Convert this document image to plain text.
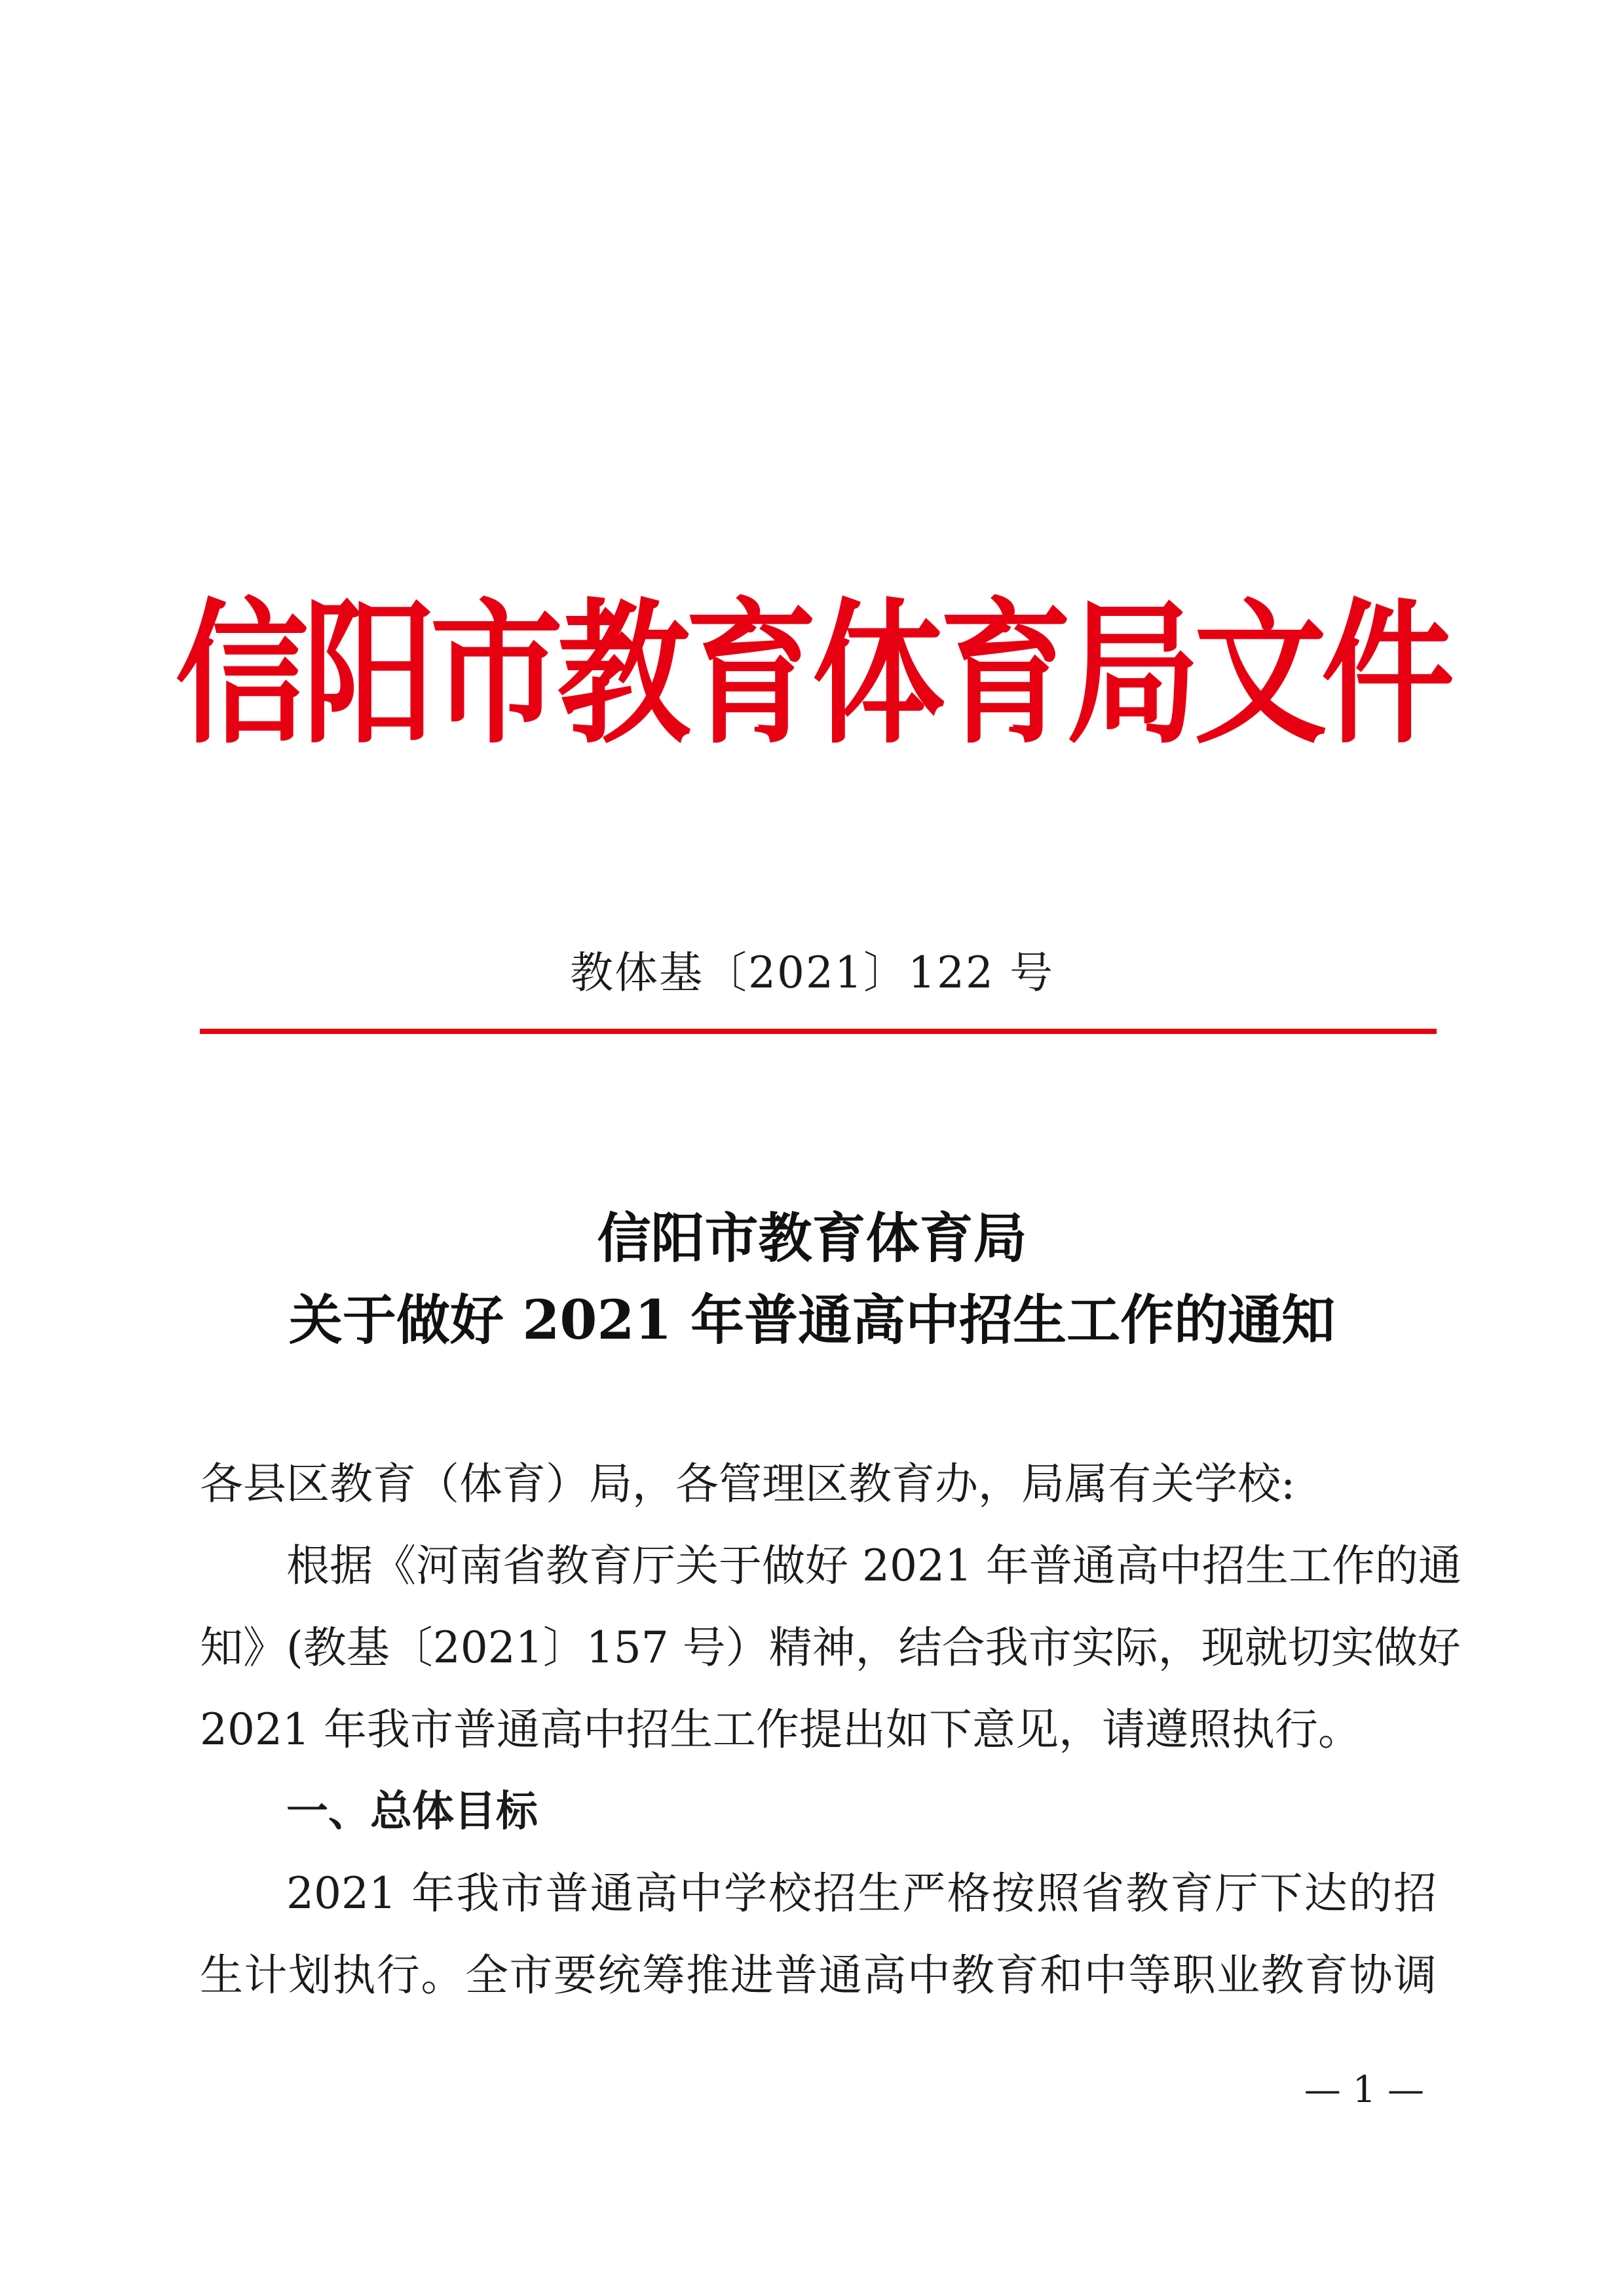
信阳市教育体育局文件
教体基〔2021〕122 号
信阳市教育体育局
关于做好 2021 年普通高中招生工作的通知
各县区教育（体育）局，各管理区教育办，局属有关学校:
根据《河南省教育厅关于做好 2021 年普通高中招生工作的通
知》(教基〔2021〕157 号）精神，结合我市实际，现就切实做好
2021 年我市普通高中招生工作提出如下意见，请遵照执行。
一、总体目标
2021 年我市普通高中学校招生严格按照省教育厅下达的招
生计划执行。全市要统筹推进普通高中教育和中等职业教育协调
— 1 —
